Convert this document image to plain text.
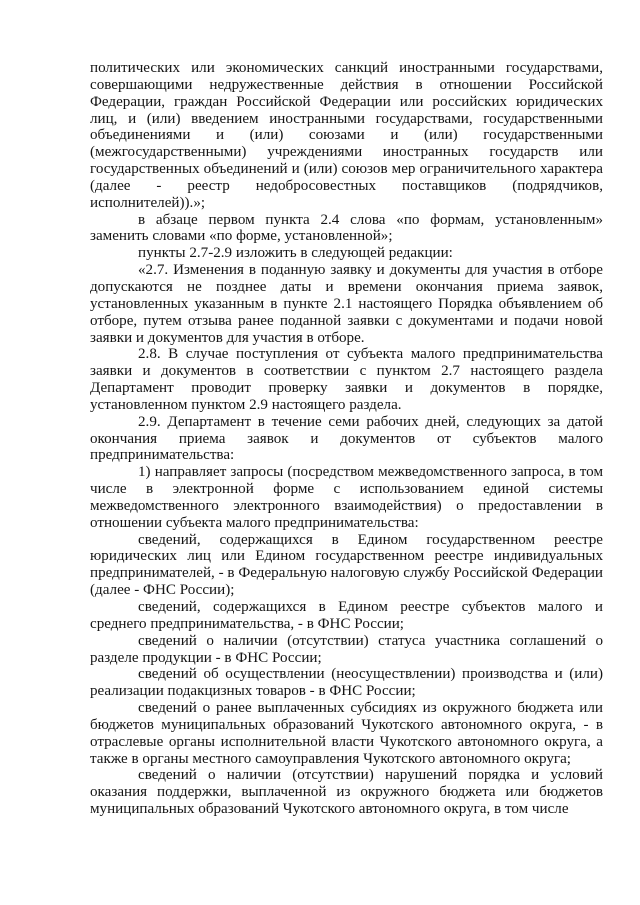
политических или экономических санкций иностранными государствами, совершающими недружественные действия в отношении Российской Федерации, граждан Российской Федерации или российских юридических лиц, и (или) введением иностранными государствами, государственными объединениями и (или) союзами и (или) государственными (межгосударственными) учреждениями иностранных государств или государственных объединений и (или) союзов мер ограничительного характера (далее - реестр недобросовестных поставщиков (подрядчиков, исполнителей)).»;

в абзаце первом пункта 2.4 слова «по формам, установленным» заменить словами «по форме, установленной»;

пункты 2.7-2.9 изложить в следующей редакции:

«2.7. Изменения в поданную заявку и документы для участия в отборе допускаются не позднее даты и времени окончания приема заявок, установленных указанным в пункте 2.1 настоящего Порядка объявлением об отборе, путем отзыва ранее поданной заявки с документами и подачи новой заявки и документов для участия в отборе.

2.8. В случае поступления от субъекта малого предпринимательства заявки и документов в соответствии с пунктом 2.7 настоящего раздела Департамент проводит проверку заявки и документов в порядке, установленном пунктом 2.9 настоящего раздела.

2.9. Департамент в течение семи рабочих дней, следующих за датой окончания приема заявок и документов от субъектов малого предпринимательства:

1) направляет запросы (посредством межведомственного запроса, в том числе в электронной форме с использованием единой системы межведомственного электронного взаимодействия) о предоставлении в отношении субъекта малого предпринимательства:

сведений, содержащихся в Едином государственном реестре юридических лиц или Едином государственном реестре индивидуальных предпринимателей, - в Федеральную налоговую службу Российской Федерации (далее - ФНС России);

сведений, содержащихся в Едином реестре субъектов малого и среднего предпринимательства, - в ФНС России;

сведений о наличии (отсутствии) статуса участника соглашений о разделе продукции - в ФНС России;

сведений об осуществлении (неосуществлении) производства и (или) реализации подакцизных товаров - в ФНС России;

сведений о ранее выплаченных субсидиях из окружного бюджета или бюджетов муниципальных образований Чукотского автономного округа, - в отраслевые органы исполнительной власти Чукотского автономного округа, а также в органы местного самоуправления Чукотского автономного округа;

сведений о наличии (отсутствии) нарушений порядка и условий оказания поддержки, выплаченной из окружного бюджета или бюджетов муниципальных образований Чукотского автономного округа, в том числе
